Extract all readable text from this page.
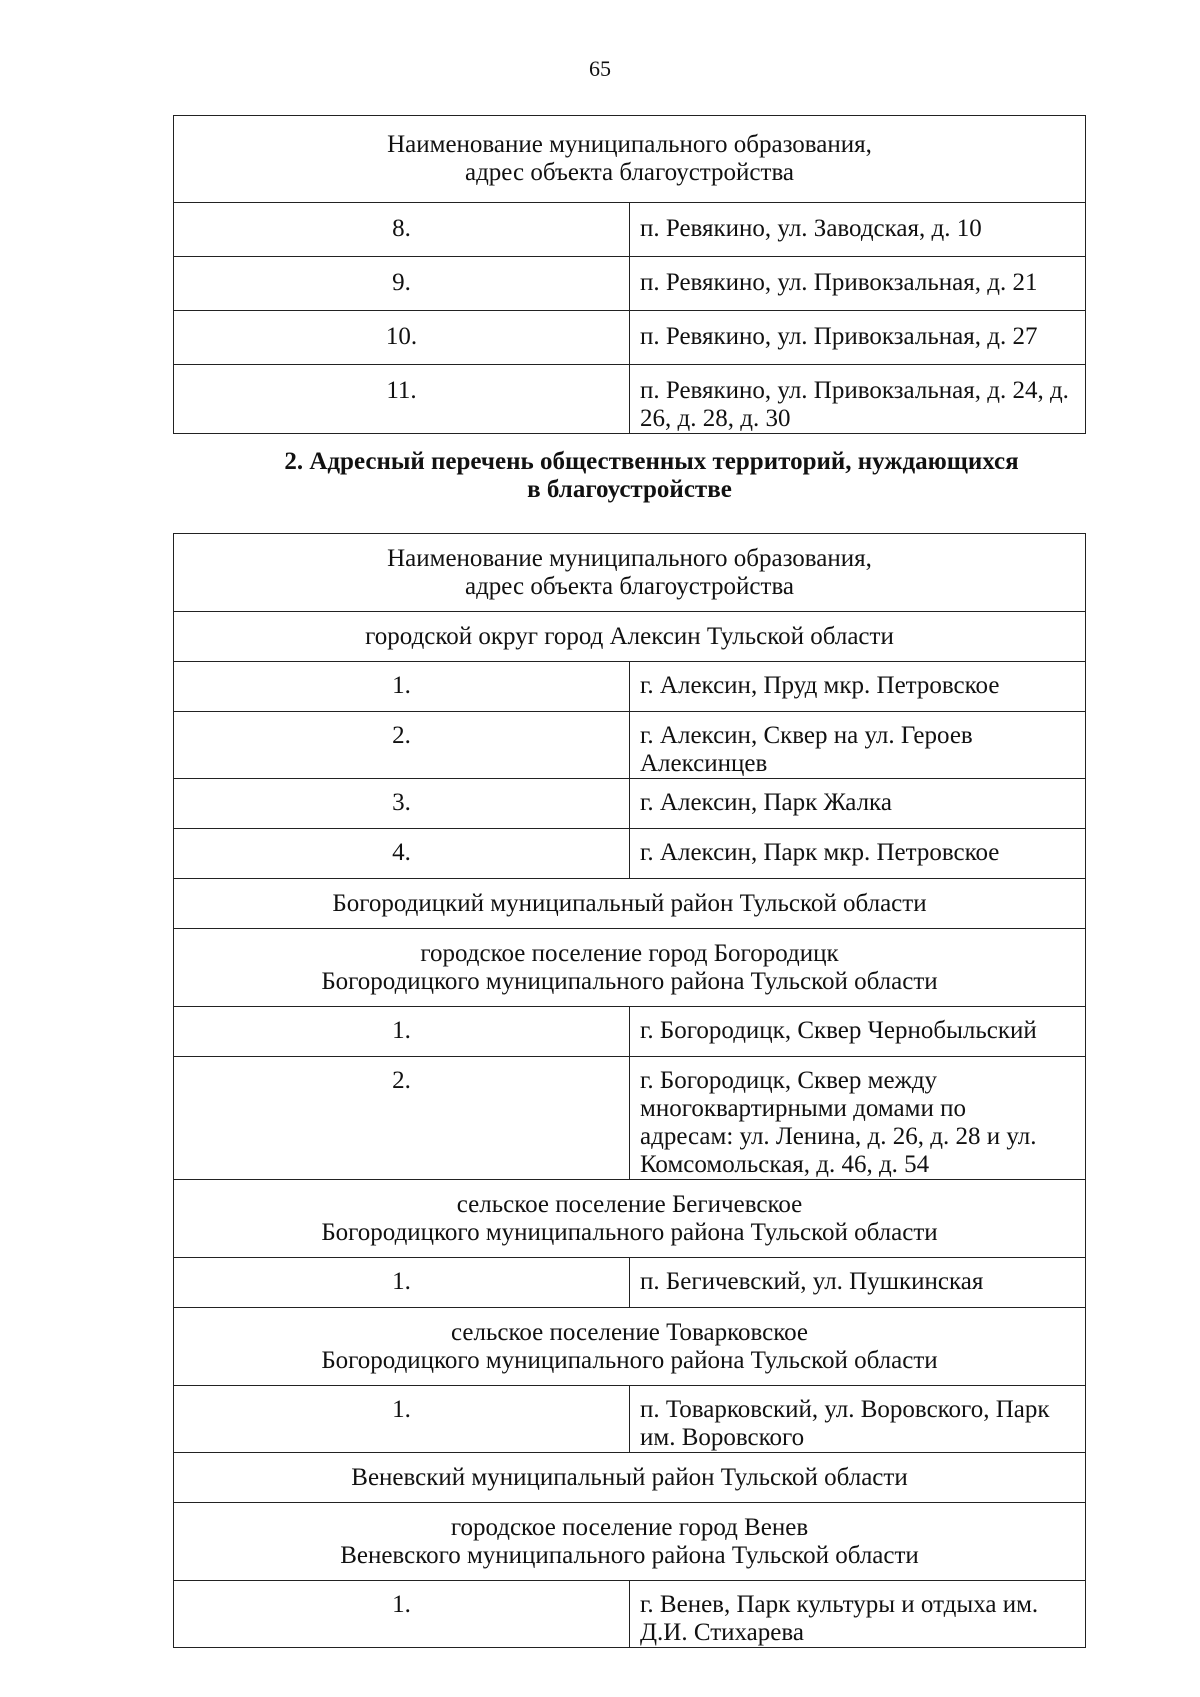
65
Наименование муниципального образования,
адрес объекта благоустройства	

8.	п. Ревякино, ул. Заводская, д. 10
9.	п. Ревякино, ул. Привокзальная, д. 21
10.	п. Ревякино, ул. Привокзальная, д. 27
11.	п. Ревякино, ул. Привокзальная, д. 24, д. 26, д. 28, д. 30
2. Адресный перечень общественных территорий, нуждающихся
в благоустройстве
Наименование муниципального образования,
адрес объекта благоустройства	

городской округ город Алексин Тульской области	

1.	г. Алексин, Пруд мкр. Петровское

2.	г. Алексин, Сквер на ул. Героев Алексинцев

3.	г. Алексин, Парк Жалка

4.	г. Алексин, Парк мкр. Петровское

Богородицкий муниципальный район Тульской области	

городское поселение город Богородицк
Богородицкого муниципального района Тульской области	

1.	г. Богородицк, Сквер Чернобыльский

2.	г. Богородицк, Сквер между многоквартирными домами по
адресам: ул. Ленина, д. 26, д. 28 и ул. Комсомольская, д. 46, д. 54

сельское поселение Бегичевское
Богородицкого муниципального района Тульской области	

1.	п. Бегичевский, ул. Пушкинская

сельское поселение Товарковское
Богородицкого муниципального района Тульской области	

1.	п. Товарковский, ул. Воровского, Парк им. Воровского

Веневский муниципальный район Тульской области	

городское поселение город Венев
Веневского муниципального района Тульской области	

1.	г. Венев, Парк культуры и отдыха им. Д.И. Стихарева
